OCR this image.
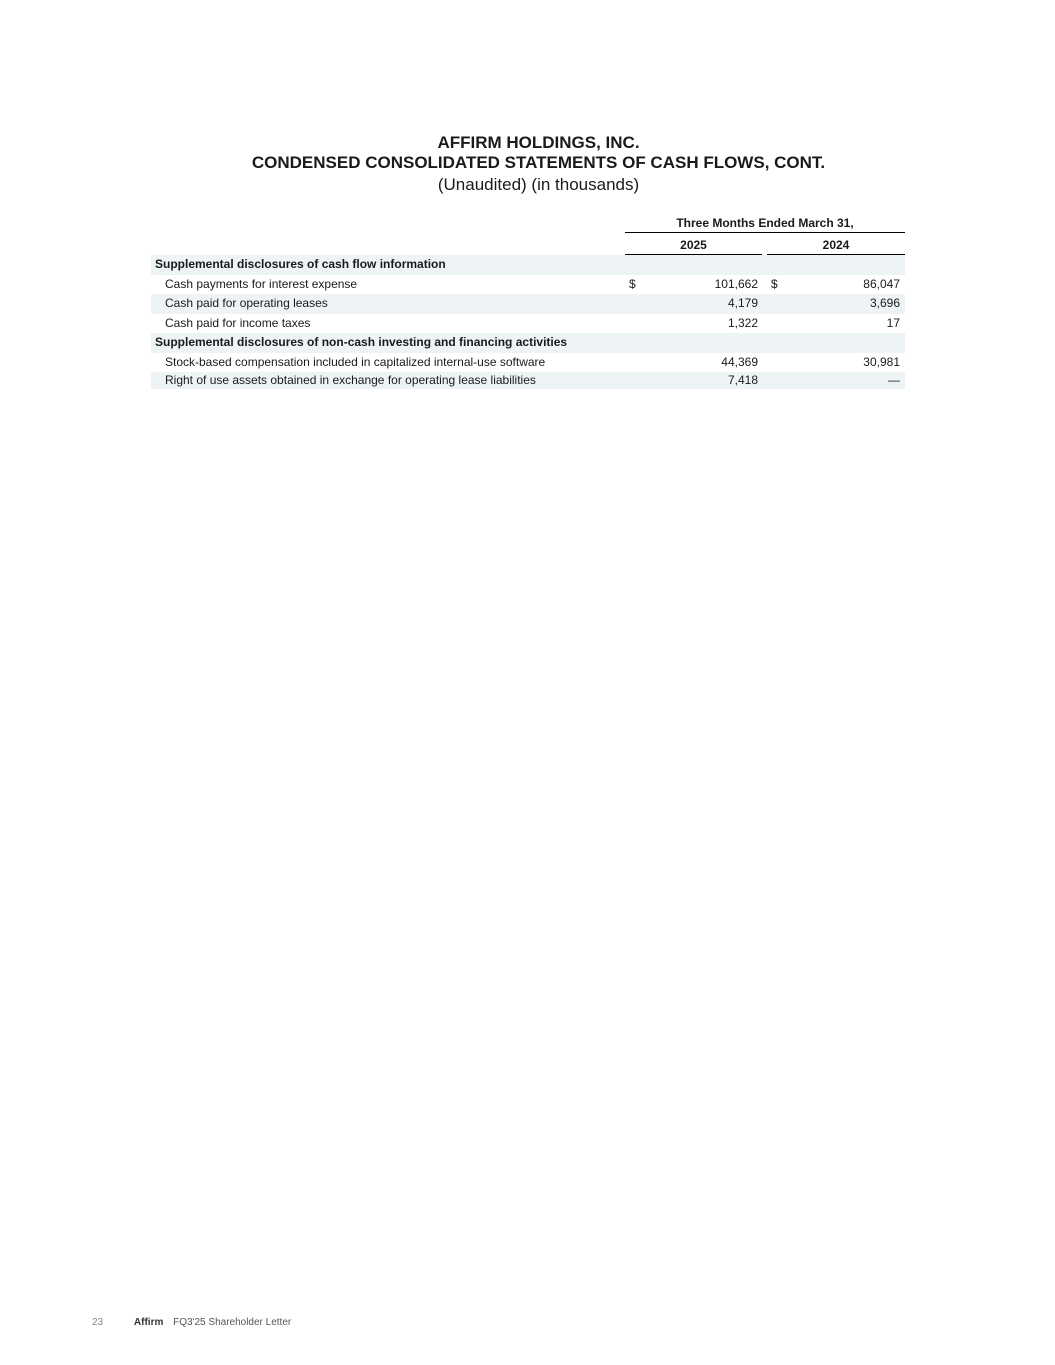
AFFIRM HOLDINGS, INC.
CONDENSED CONSOLIDATED STATEMENTS OF CASH FLOWS, CONT.
(Unaudited) (in thousands)
Three Months Ended March 31,
2025	2024
Supplemental disclosures of cash flow information
Cash payments for interest expense	$	101,662 $	86,047
Cash paid for operating leases	4,179	3,696
Cash paid for income taxes	1,322	17
Supplemental disclosures of non-cash investing and financing activities
Stock-based compensation included in capitalized internal-use software	44,369	30,981
Right of use assets obtained in exchange for operating lease liabilities	7,418	—
23	Affirm FQ3'25 Shareholder Letter
